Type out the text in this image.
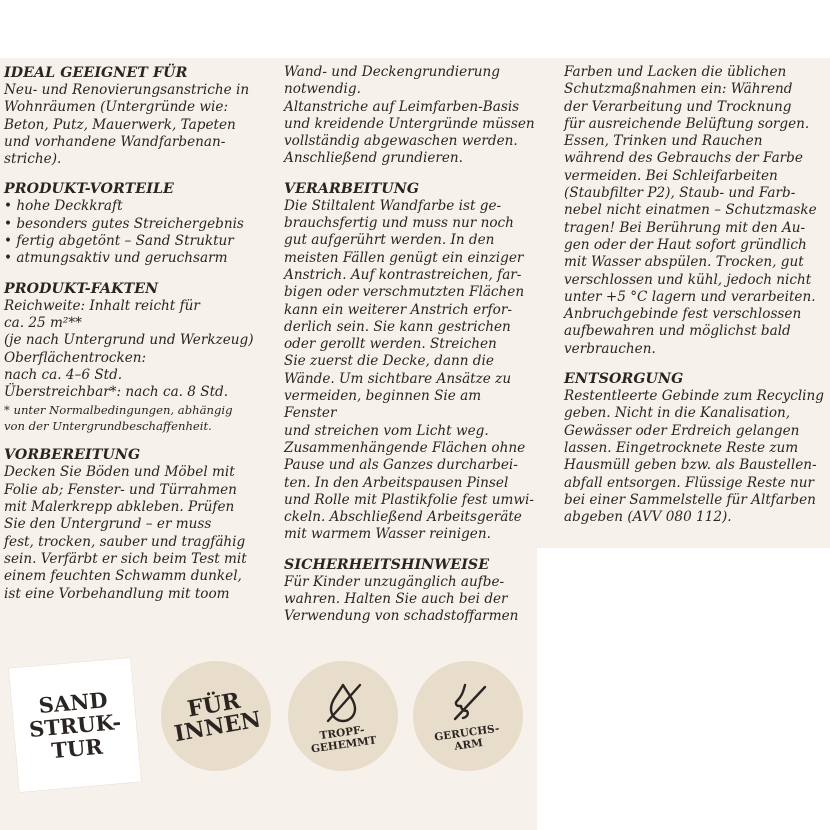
IDEAL GEEIGNET FÜR

Neu- und Renovierungsanstriche in
Wohnräumen (Untergründe wie:
Beton, Putz, Mauerwerk, Tapeten
und vorhandene Wandfarbenan-
striche).

PRODUKT-VORTEILE
• hohe Deckkraft
• besonders gutes Streichergebnis
• fertig abgetönt – Sand Struktur
• atmungsaktiv und geruchsarm
PRODUKT-FAKTEN

Reichweite: Inhalt reicht für
ca. 25 m²**
(je nach Untergrund und Werkzeug)
Oberflächentrocken:
nach ca. 4–6 Std.
Überstreichbar*: nach ca. 8 Std.

* unter Normalbedingungen, abhängig
von der Untergrundbeschaffenheit.

VORBEREITUNG

Decken Sie Böden und Möbel mit
Folie ab; Fenster- und Türrahmen
mit Malerkrepp abkleben. Prüfen
Sie den Untergrund – er muss
fest, trocken, sauber und tragfähig
sein. Verfärbt er sich beim Test mit
einem feuchten Schwamm dunkel,
ist eine Vorbehandlung mit toom

Wand- und Deckengrundierung
notwendig.
Altanstriche auf Leimfarben-Basis
und kreidende Untergründe müssen
vollständig abgewaschen werden.
Anschließend grundieren.

VERARBEITUNG

Die Stiltalent Wandfarbe ist ge-
brauchsfertig und muss nur noch
gut aufgerührt werden. In den
meisten Fällen genügt ein einziger
Anstrich. Auf kontrastreichen, far-
bigen oder verschmutzten Flächen
kann ein weiterer Anstrich erfor-
derlich sein. Sie kann gestrichen
oder gerollt werden. Streichen
Sie zuerst die Decke, dann die
Wände. Um sichtbare Ansätze zu
vermeiden, beginnen Sie am Fenster
und streichen vom Licht weg.
Zusammenhängende Flächen ohne
Pause und als Ganzes durcharbei-
ten. In den Arbeitspausen Pinsel
und Rolle mit Plastikfolie fest umwi-
ckeln. Abschließend Arbeitsgeräte
mit warmem Wasser reinigen.

SICHERHEITSHINWEISE

Für Kinder unzugänglich aufbe-
wahren. Halten Sie auch bei der
Verwendung von schadstoffarmen

Farben und Lacken die üblichen
Schutzmaßnahmen ein: Während
der Verarbeitung und Trocknung
für ausreichende Belüftung sorgen.
Essen, Trinken und Rauchen
während des Gebrauchs der Farbe
vermeiden. Bei Schleifarbeiten
(Staubfilter P2), Staub- und Farb-
nebel nicht einatmen – Schutzmaske
tragen! Bei Berührung mit den Au-
gen oder der Haut sofort gründlich
mit Wasser abspülen. Trocken, gut
verschlossen und kühl, jedoch nicht
unter +5 °C lagern und verarbeiten.
Anbruchgebinde fest verschlossen
aufbewahren und möglichst bald
verbrauchen.

ENTSORGUNG

Restentleerte Gebinde zum Recycling
geben. Nicht in die Kanalisation,
Gewässer oder Erdreich gelangen
lassen. Eingetrocknete Reste zum
Hausmüll geben bzw. als Baustellen-
abfall entsorgen. Flüssige Reste nur
bei einer Sammelstelle für Altfarben
abgeben (AVV 080 112).

SAND
STRUK-
TUR
FÜR
INNEN	TROPF-
GEHEMMT
GERUCHS-
ARM
